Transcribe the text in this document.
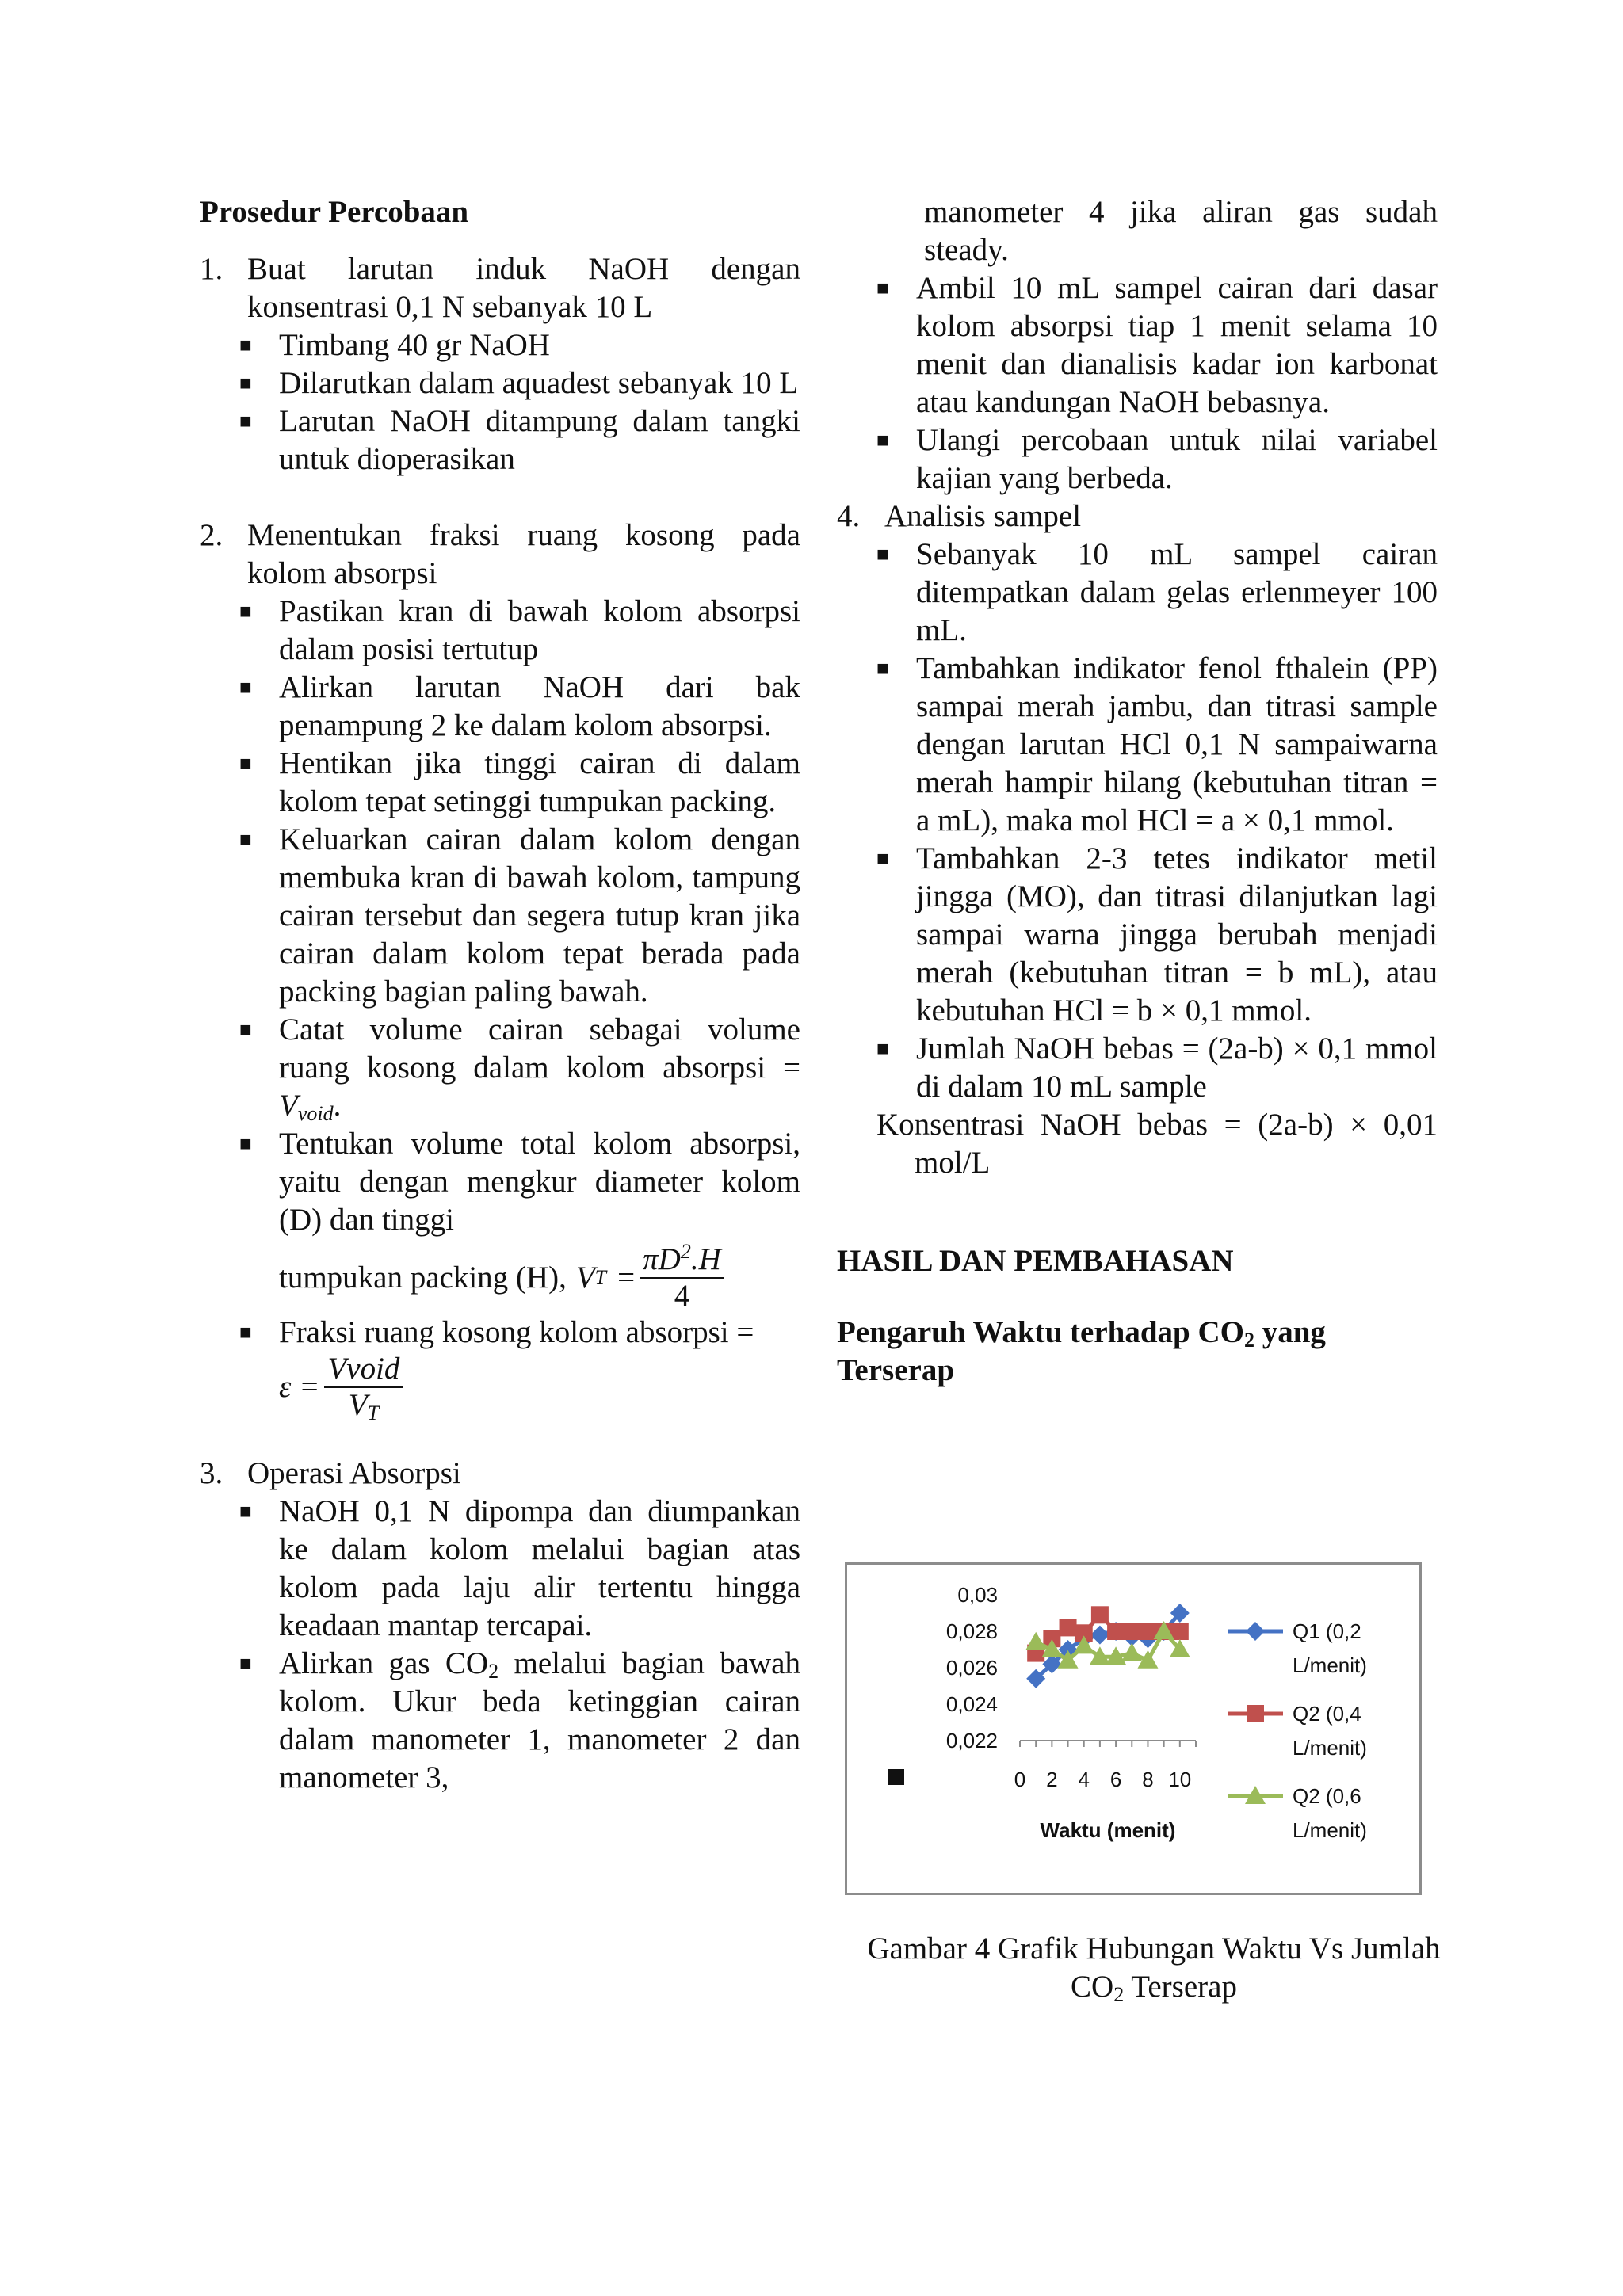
Prosedur Percobaan

1. Buat larutan induk NaOH dengan konsentrasi 0,1 N sebanyak 10 L
■ Timbang 40 gr NaOH
■ Dilarutkan dalam aquadest sebanyak 10 L
■ Larutan NaOH ditampung dalam tangki untuk dioperasikan
2. Menentukan fraksi ruang kosong pada kolom absorpsi
■ Pastikan kran di bawah kolom absorpsi dalam posisi tertutup
■ Alirkan larutan NaOH dari bak penampung 2 ke dalam kolom absorpsi.
■ Hentikan jika tinggi cairan di dalam kolom tepat setinggi tumpukan packing.
■ Keluarkan cairan dalam kolom dengan membuka kran di bawah kolom, tampung cairan tersebut dan segera tutup kran jika cairan dalam kolom tepat berada pada packing bagian paling bawah.
■ Catat volume cairan sebagai volume ruang kosong dalam kolom absorpsi = $V_{void}$.
■ Tentukan volume total kolom absorpsi, yaitu dengan mengkur diameter kolom (D) dan tinggi
tumpukan packing (H), V $T = \frac{\pi D^2.H}{4}$
■ Fraksi ruang kosong kolom absorpsi =
$\varepsilon = \frac{\text{Vvoid}}{V_T}$
3. Operasi Absorpsi
■ NaOH 0,1 N dipompa dan diumpankan ke dalam kolom melalui bagian atas kolom pada laju alir tertentu hingga keadaan mantap tercapai.
■ Alirkan gas $CO_2$ melalui bagian bawah kolom. Ukur beda ketinggian cairan dalam manometer 1, manometer 2 dan manometer 3,

manometer 4 jika aliran gas sudah steady.

■ Ambil 10 mL sampel cairan dari dasar kolom absorpsi tiap 1 menit selama 10 menit dan dianalisis kadar ion karbonat atau kandungan NaOH bebasnya.
■ Ulangi percobaan untuk nilai variabel kajian yang berbeda.
4. Analisis sampel
■ Sebanyak 10 mL sampel cairan ditempatkan dalam gelas erlenmeyer 100 mL.
■ Tambahkan indikator fenol fthalein (PP) sampai merah jambu, dan titrasi sample dengan larutan HCl 0,1 N sampaiwarna merah hampir hilang (kebutuhan titran = a mL), maka mol HCl = a × 0,1 mmol.
■ Tambahkan 2-3 tetes indikator metil jingga (MO), dan titrasi dilanjutkan lagi sampai warna jingga berubah menjadi merah (kebutuhan titran = b mL), atau kebutuhan HCl = b × 0,1 mmol.
■ Jumlah NaOH bebas = (2a-b) × 0,1 mmol di dalam 10 mL sample

Konsentrasi NaOH bebas = (2a-b) × 0,01 mol/L

HASIL DAN PEMBAHASAN

Pengaruh Waktu terhadap $CO_2$ yang Terserap

0,022
0,024
0,026
0,028
0,03
0 2 4 6 8 10
Waktu (menit)
Q1 (0,2
L/menit)
Q2 (0,4
L/menit)
Q2 (0,6
L/menit)
Gambar 4 Grafik Hubungan Waktu Vs Jumlah $CO_2$ Terserap
